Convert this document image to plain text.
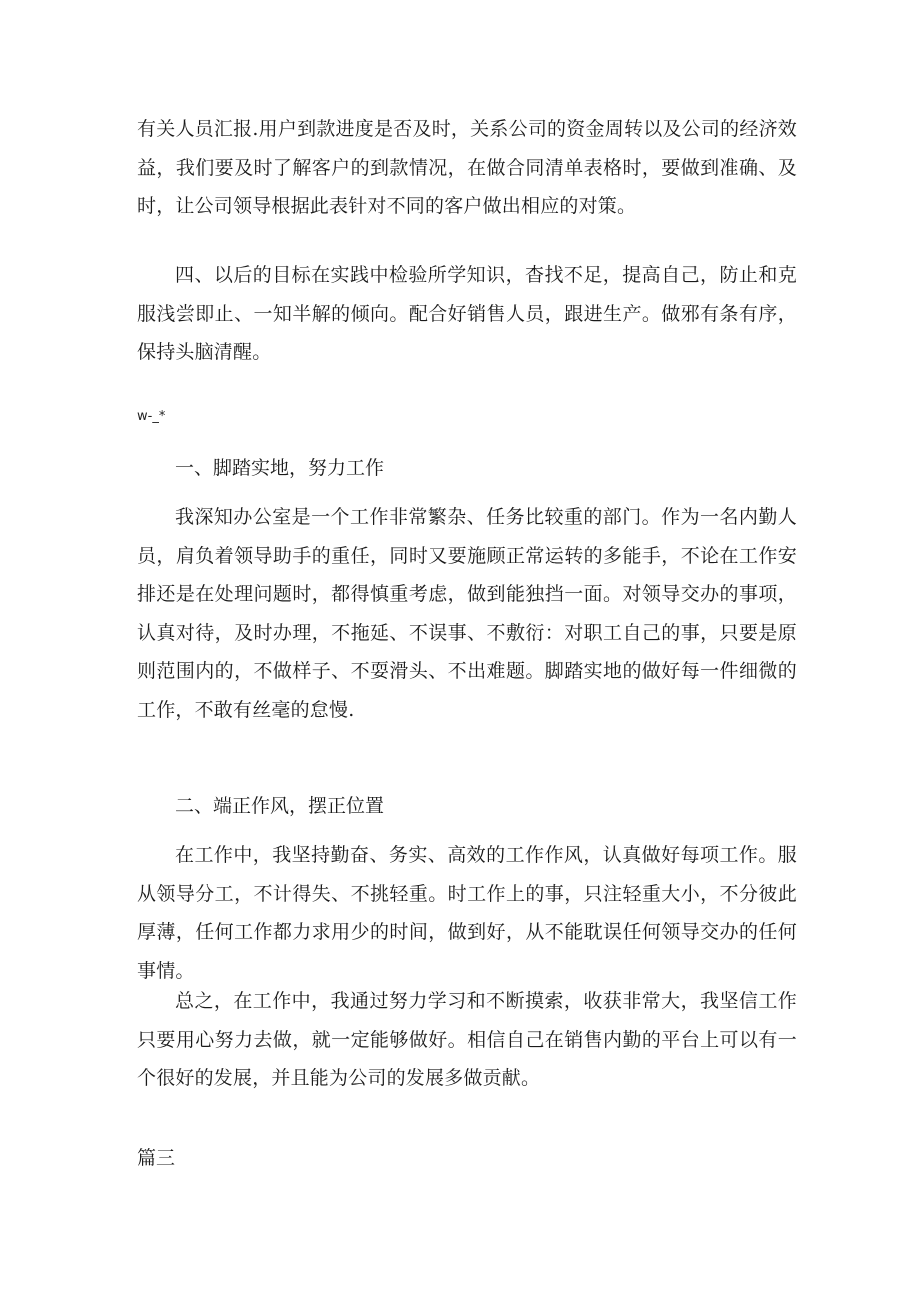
有关人员汇报.用户到款进度是否及时，关系公司的资金周转以及公司的经济效益，我们要及时了解客户的到款情况，在做合同清单表格时，要做到准确、及时，让公司领导根据此表针对不同的客户做出相应的对策。

四、以后的目标在实践中检验所学知识，杳找不足，提高自己，防止和克服浅尝即止、一知半解的倾向。配合好销售人员，跟进生产。做邪有条有序，保持头脑清醒。

w-_*

一、脚踏实地，努力工作

我深知办公室是一个工作非常繁杂、任务比较重的部门。作为一名内勤人员，肩负着领导助手的重任，同时又要施顾正常运转的多能手，不论在工作安排还是在处理问题时，都得慎重考虑，做到能独挡一面。对领导交办的事项，认真对待，及时办理，不拖延、不误事、不敷衍：对职工自己的事，只要是原则范围内的，不做样子、不耍滑头、不出难题。脚踏实地的做好每一件细微的工作，不敢有丝毫的怠慢.

二、端正作风，摆正位置

在工作中，我坚持勤奋、务实、高效的工作作风，认真做好每项工作。服从领导分工，不计得失、不挑轻重。时工作上的事，只注轻重大小，不分彼此厚薄，任何工作都力求用少的时间，做到好，从不能耽误任何领导交办的任何事情。

总之，在工作中，我通过努力学习和不断摸索，收获非常大，我坚信工作只要用心努力去做，就一定能够做好。相信自己在销售内勤的平台上可以有一个很好的发展，并且能为公司的发展多做贡献。

篇三
